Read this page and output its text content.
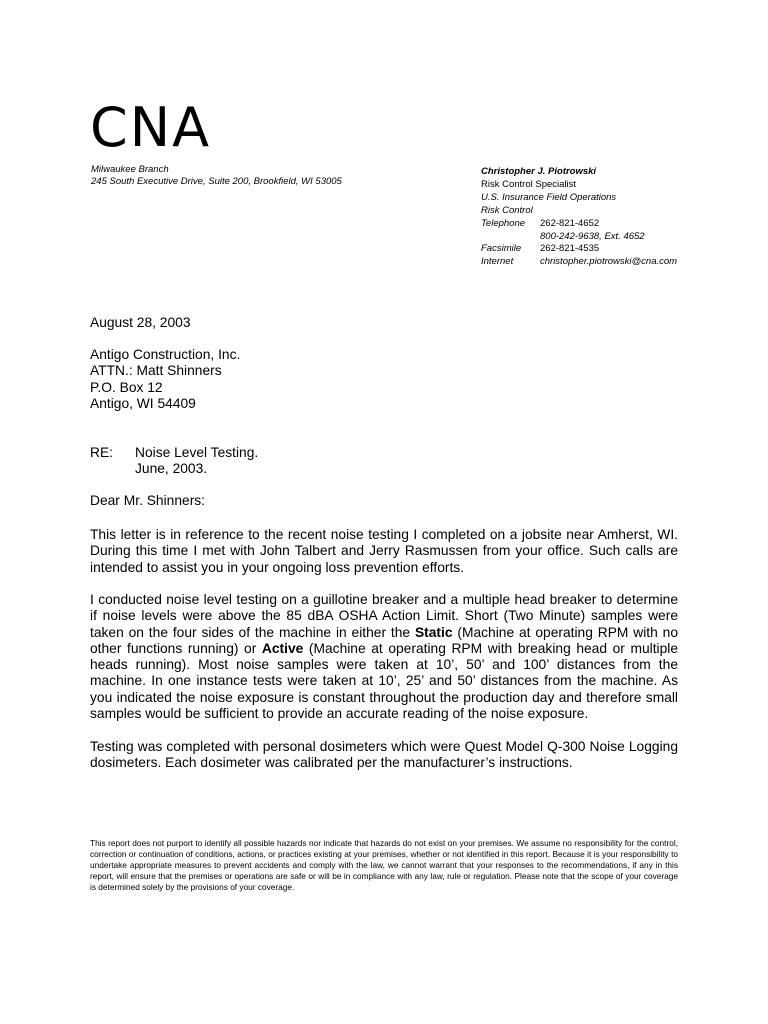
CNA
Milwaukee Branch
245 South Executive Drive, Suite 200, Brookfield, WI 53005
Christopher J. Piotrowski
Risk Control Specialist
U.S. Insurance Field Operations
Risk Control
Telephone	262-821-4652
800-242-9638, Ext. 4652
Facsimile	262-821-4535
Internet	christopher.piotrowski@cna.com
August 28, 2003
Antigo Construction, Inc.
ATTN.: Matt Shinners
P.O. Box 12
Antigo, WI 54409
RE:	Noise Level Testing.
June, 2003.
Dear Mr. Shinners:
This letter is in reference to the recent noise testing I completed on a jobsite near Amherst, WI. During this time I met with John Talbert and Jerry Rasmussen from your office. Such calls are intended to assist you in your ongoing loss prevention efforts.
I conducted noise level testing on a guillotine breaker and a multiple head breaker to determine if noise levels were above the 85 dBA OSHA Action Limit. Short (Two Minute) samples were taken on the four sides of the machine in either the Static (Machine at operating RPM with no other functions running) or Active (Machine at operating RPM with breaking head or multiple heads running). Most noise samples were taken at 10’, 50’ and 100’ distances from the machine. In one instance tests were taken at 10’, 25’ and 50’ distances from the machine. As you indicated the noise exposure is constant throughout the production day and therefore small samples would be sufficient to provide an accurate reading of the noise exposure.
Testing was completed with personal dosimeters which were Quest Model Q-300 Noise Logging dosimeters. Each dosimeter was calibrated per the manufacturer’s instructions.
This report does not purport to identify all possible hazards nor indicate that hazards do not exist on your premises. We assume no responsibility for the control, correction or continuation of conditions, actions, or practices existing at your premises, whether or not identified in this report. Because it is your responsibility to undertake appropriate measures to prevent accidents and comply with the law, we cannot warrant that your responses to the recommendations, if any in this report, will ensure that the premises or operations are safe or will be in compliance with any law, rule or regulation. Please note that the scope of your coverage is determined solely by the provisions of your coverage.
